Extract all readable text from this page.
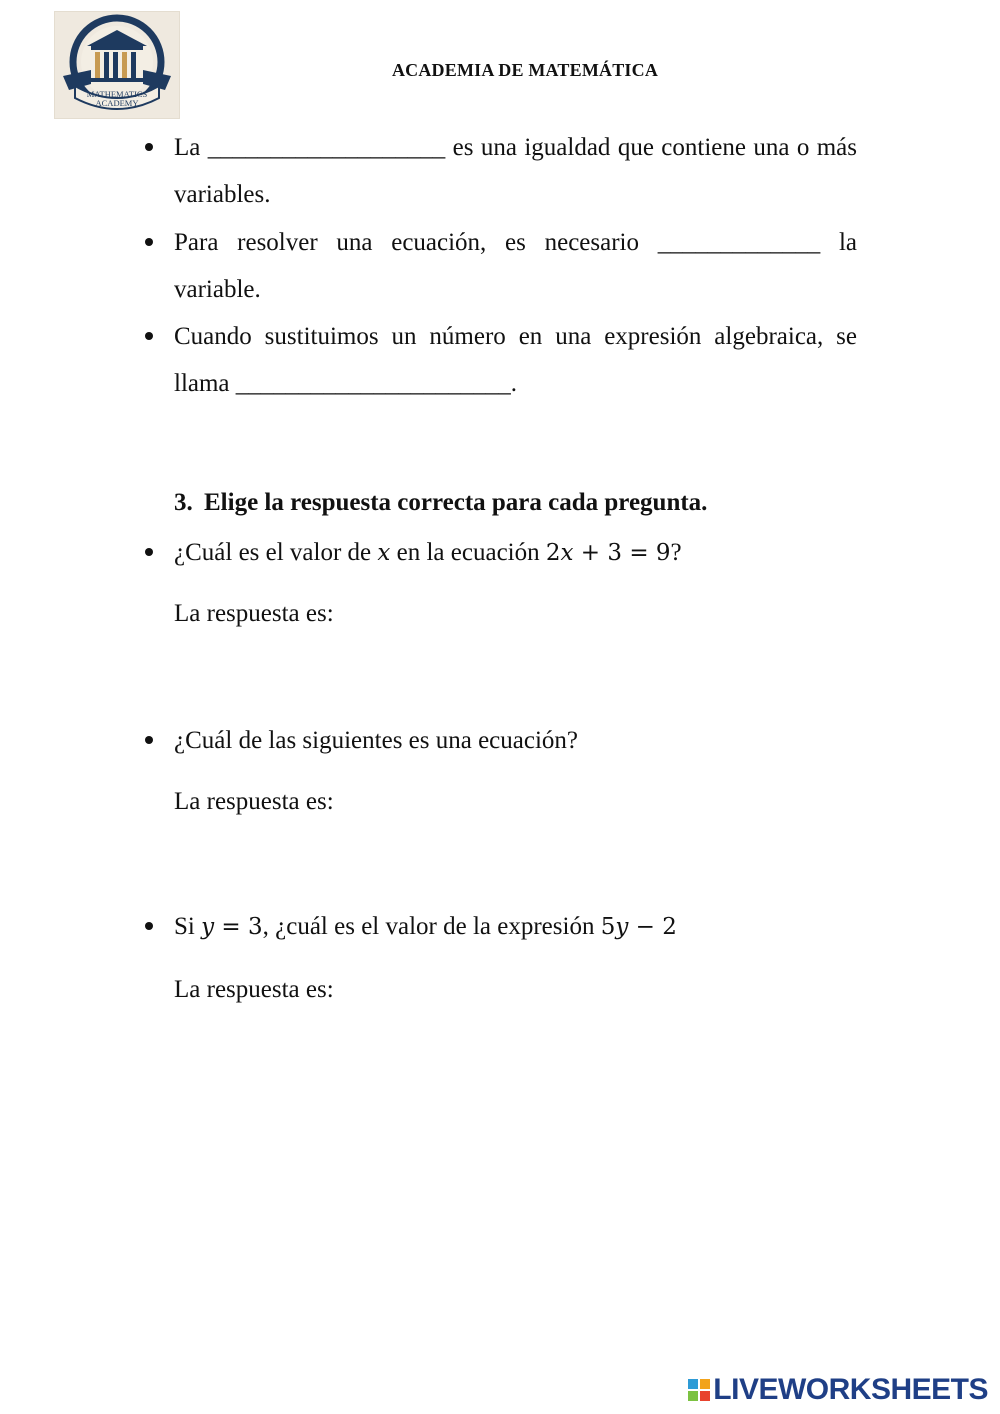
MATHEMATICS
ACADEMY
ACADEMIA DE MATEMÁTICA
La ___________________ es una igualdad que contiene una o más variables.
Para resolver una ecuación, es necesario _____________ la variable.
Cuando sustituimos un número en una expresión algebraica, se llama ______________________.
3. Elige la respuesta correcta para cada pregunta.
¿Cuál es el valor de x en la ecuación 2x + 3 = 9?
La respuesta es:
¿Cuál de las siguientes es una ecuación?
La respuesta es:
Si y = 3, ¿cuál es el valor de la expresión 5y − 2
La respuesta es:
LIVEWORKSHEETS
